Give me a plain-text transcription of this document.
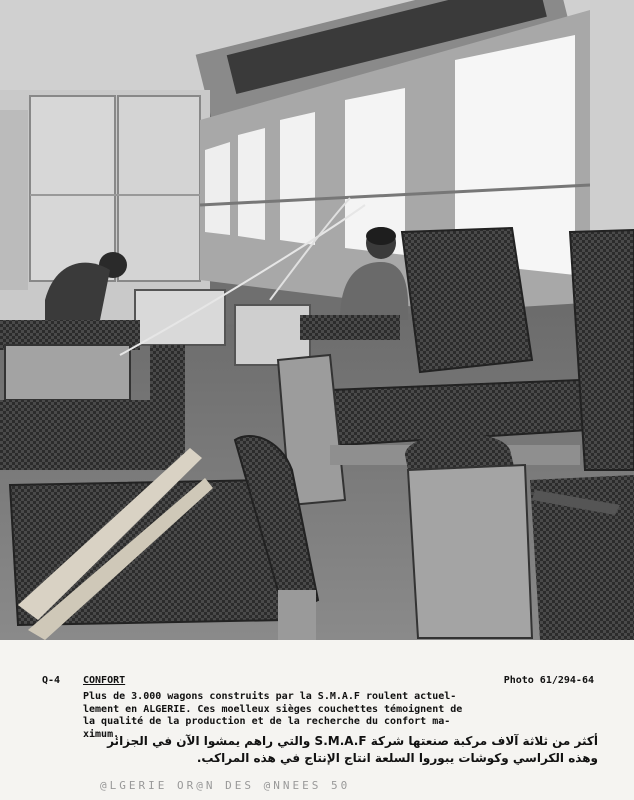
Q-4 CONFORT	Photo 61/294-64
Plus de 3.000 wagons construits par la S.M.A.F roulent actuel-
lement en ALGERIE. Ces moelleux sièges couchettes témoignent de
la qualité de la production et de la recherche du confort ma-
ximum.
أكثر من ثلاثة آلاف مركبة صنعتها شركة S.M.A.F والتي راهم يمشوا الآن في الجزائر وهذه الكراسي وكوشات يبوروا السلعة انتاج الإنتاج في هذه المراكب.
@LGERIE OR@N DES @NNEES 50
